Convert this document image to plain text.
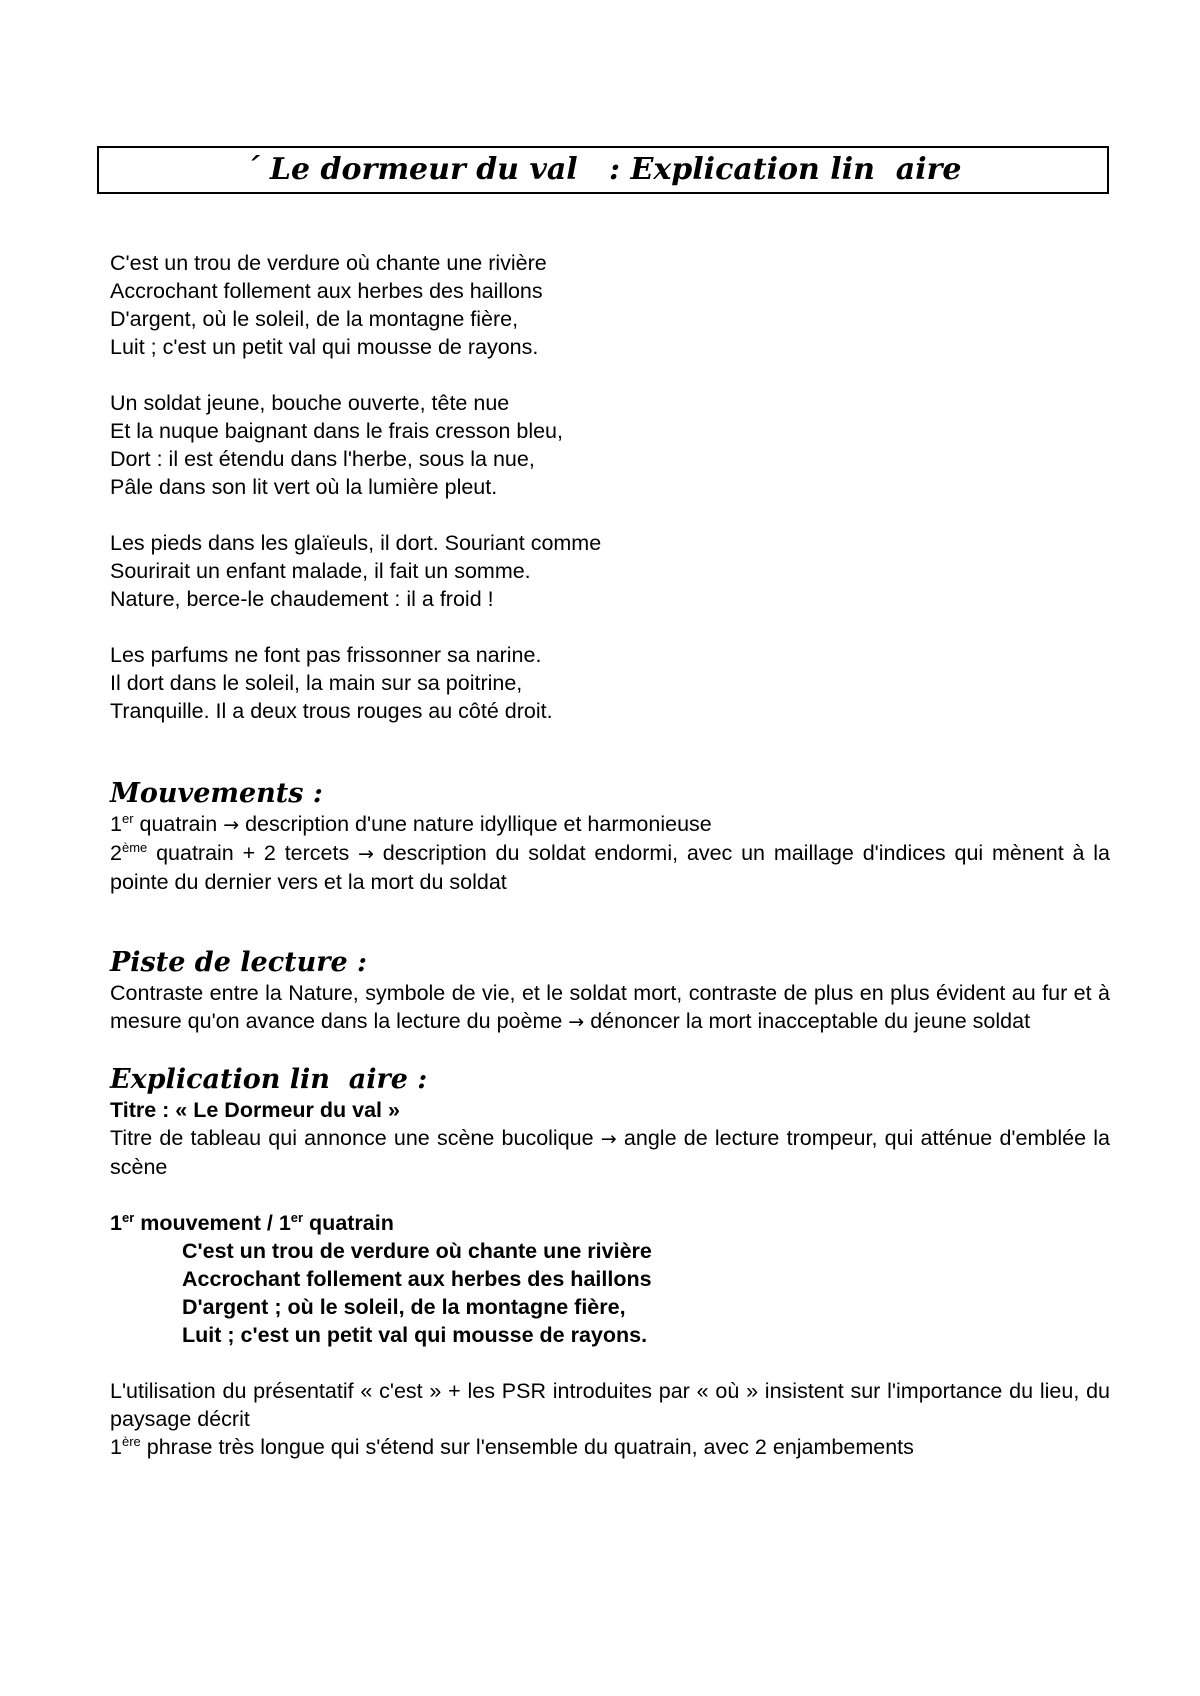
´ Le dormeur du val   : Explication lin  aire

C'est un trou de verdure où chante une rivière
Accrochant follement aux herbes des haillons
D'argent, où le soleil, de la montagne fière,
Luit ; c'est un petit val qui mousse de rayons.

Un soldat jeune, bouche ouverte, tête nue
Et la nuque baignant dans le frais cresson bleu,
Dort : il est étendu dans l'herbe, sous la nue,
Pâle dans son lit vert où la lumière pleut.

Les pieds dans les glaïeuls, il dort. Souriant comme
Sourirait un enfant malade, il fait un somme.
Nature, berce-le chaudement : il a froid !

Les parfums ne font pas frissonner sa narine.
Il dort dans le soleil, la main sur sa poitrine,
Tranquille. Il a deux trous rouges au côté droit.

Mouvements :
1er quatrain → description d'une nature idyllique et harmonieuse
2ème quatrain + 2 tercets → description du soldat endormi, avec un maillage d'indices qui mènent à la pointe du dernier vers et la mort du soldat
Piste de lecture :
Contraste entre la Nature, symbole de vie, et le soldat mort, contraste de plus en plus évident au fur et à mesure qu'on avance dans la lecture du poème → dénoncer la mort inacceptable du jeune soldat
Explication lin  aire :
Titre : « Le Dormeur du val »
Titre de tableau qui annonce une scène bucolique → angle de lecture trompeur, qui atténue d'emblée la scène
1er mouvement / 1er quatrain
C'est un trou de verdure où chante une rivière
Accrochant follement aux herbes des haillons
D'argent ; où le soleil, de la montagne fière,
Luit ; c'est un petit val qui mousse de rayons.
L'utilisation du présentatif « c'est » + les PSR introduites par « où » insistent sur l'importance du lieu, du paysage décrit
1ère phrase très longue qui s'étend sur l'ensemble du quatrain, avec 2 enjambements
